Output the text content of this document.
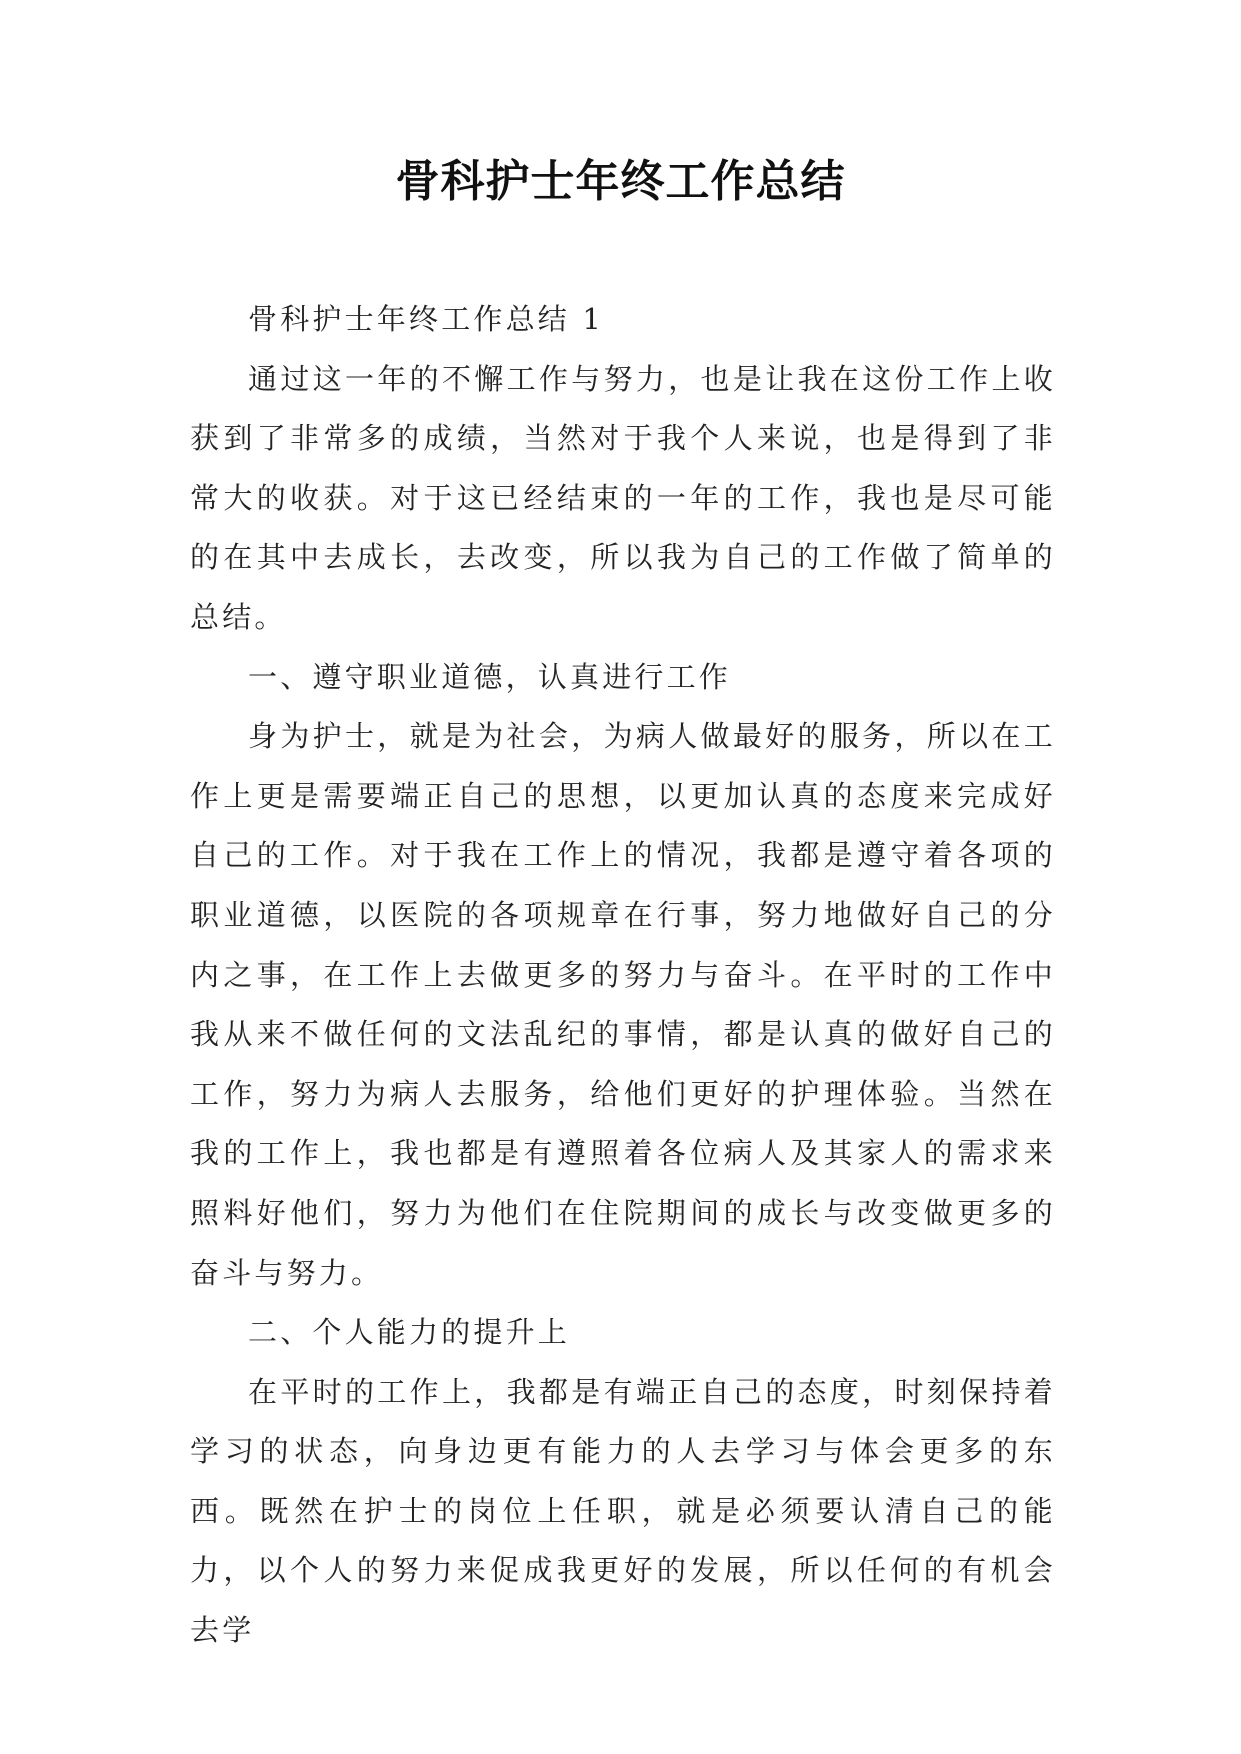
骨科护士年终工作总结

骨科护士年终工作总结 1

通过这一年的不懈工作与努力，也是让我在这份工作上收获到了非常多的成绩，当然对于我个人来说，也是得到了非常大的收获。对于这已经结束的一年的工作，我也是尽可能的在其中去成长，去改变，所以我为自己的工作做了简单的总结。

一、遵守职业道德，认真进行工作

身为护士，就是为社会，为病人做最好的服务，所以在工作上更是需要端正自己的思想，以更加认真的态度来完成好自己的工作。对于我在工作上的情况，我都是遵守着各项的职业道德，以医院的各项规章在行事，努力地做好自己的分内之事，在工作上去做更多的努力与奋斗。在平时的工作中我从来不做任何的文法乱纪的事情，都是认真的做好自己的工作，努力为病人去服务，给他们更好的护理体验。当然在我的工作上，我也都是有遵照着各位病人及其家人的需求来照料好他们，努力为他们在住院期间的成长与改变做更多的奋斗与努力。

二、个人能力的提升上

在平时的工作上，我都是有端正自己的态度，时刻保持着学习的状态，向身边更有能力的人去学习与体会更多的东西。既然在护士的岗位上任职，就是必须要认清自己的能力，以个人的努力来促成我更好的发展，所以任何的有机会去学
